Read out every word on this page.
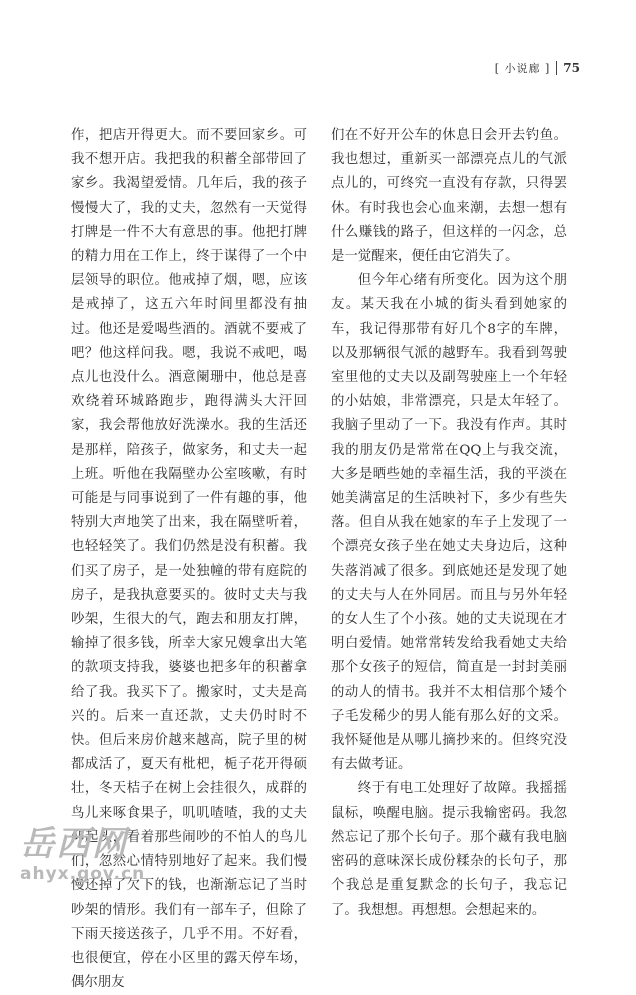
[ 小说廊 ] 75

作，把店开得更大。而不要回家乡。可我不想开店。我把我的积蓄全部带回了家乡。我渴望爱情。几年后，我的孩子慢慢大了，我的丈夫，忽然有一天觉得打牌是一件不大有意思的事。他把打牌的精力用在工作上，终于谋得了一个中层领导的职位。他戒掉了烟，嗯，应该是戒掉了，这五六年时间里都没有抽过。他还是爱喝些酒的。酒就不要戒了吧？他这样问我。嗯，我说不戒吧，喝点儿也没什么。酒意阑珊中，他总是喜欢绕着环城路跑步，跑得满头大汗回家，我会帮他放好洗澡水。我的生活还是那样，陪孩子，做家务，和丈夫一起上班。听他在我隔壁办公室咳嗽，有时可能是与同事说到了一件有趣的事，他特别大声地笑了出来，我在隔壁听着，也轻轻笑了。我们仍然是没有积蓄。我们买了房子，是一处独幢的带有庭院的房子，是我执意要买的。彼时丈夫与我吵架，生很大的气，跑去和朋友打牌，输掉了很多钱，所幸大家兄嫂拿出大笔的款项支持我，婆婆也把多年的积蓄拿给了我。我买下了。搬家时，丈夫是高兴的。后来一直还款，丈夫仍时时不快。但后来房价越来越高，院子里的树都成活了，夏天有枇杷，栀子花开得硕壮，冬天桔子在树上会挂很久，成群的鸟儿来啄食果子，叽叽喳喳，我的丈夫仰起头，看着那些闹吵的不怕人的鸟儿们，忽然心情特别地好了起来。我们慢慢还掉了欠下的钱，也渐渐忘记了当时吵架的情形。我们有一部车子，但除了下雨天接送孩子，几乎不用。不好看，也很便宜，停在小区里的露天停车场，偶尔朋友

们在不好开公车的休息日会开去钓鱼。我也想过，重新买一部漂亮点儿的气派点儿的，可终究一直没有存款，只得罢休。有时我也会心血来潮，去想一想有什么赚钱的路子，但这样的一闪念，总是一觉醒来，便任由它消失了。

但今年心绪有所变化。因为这个朋友。某天我在小城的街头看到她家的车，我记得那带有好几个8字的车牌，以及那辆很气派的越野车。我看到驾驶室里他的丈夫以及副驾驶座上一个年轻的小姑娘，非常漂亮，只是太年轻了。我脑子里动了一下。我没有作声。其时我的朋友仍是常常在QQ上与我交流，大多是晒些她的幸福生活，我的平淡在她美满富足的生活映衬下，多少有些失落。但自从我在她家的车子上发现了一个漂亮女孩子坐在她丈夫身边后，这种失落消减了很多。到底她还是发现了她的丈夫与人在外同居。而且与另外年轻的女人生了个小孩。她的丈夫说现在才明白爱情。她常常转发给我看她丈夫给那个女孩子的短信，简直是一封封美丽的动人的情书。我并不太相信那个矮个子毛发稀少的男人能有那么好的文采。我怀疑他是从哪儿摘抄来的。但终究没有去做考证。

终于有电工处理好了故障。我摇摇鼠标，唤醒电脑。提示我输密码。我忽然忘记了那个长句子。那个藏有我电脑密码的意味深长成份糅杂的长句子，那个我总是重复默念的长句子，我忘记了。我想想。再想想。会想起来的。

岳西网
ahyx.gov.cn
